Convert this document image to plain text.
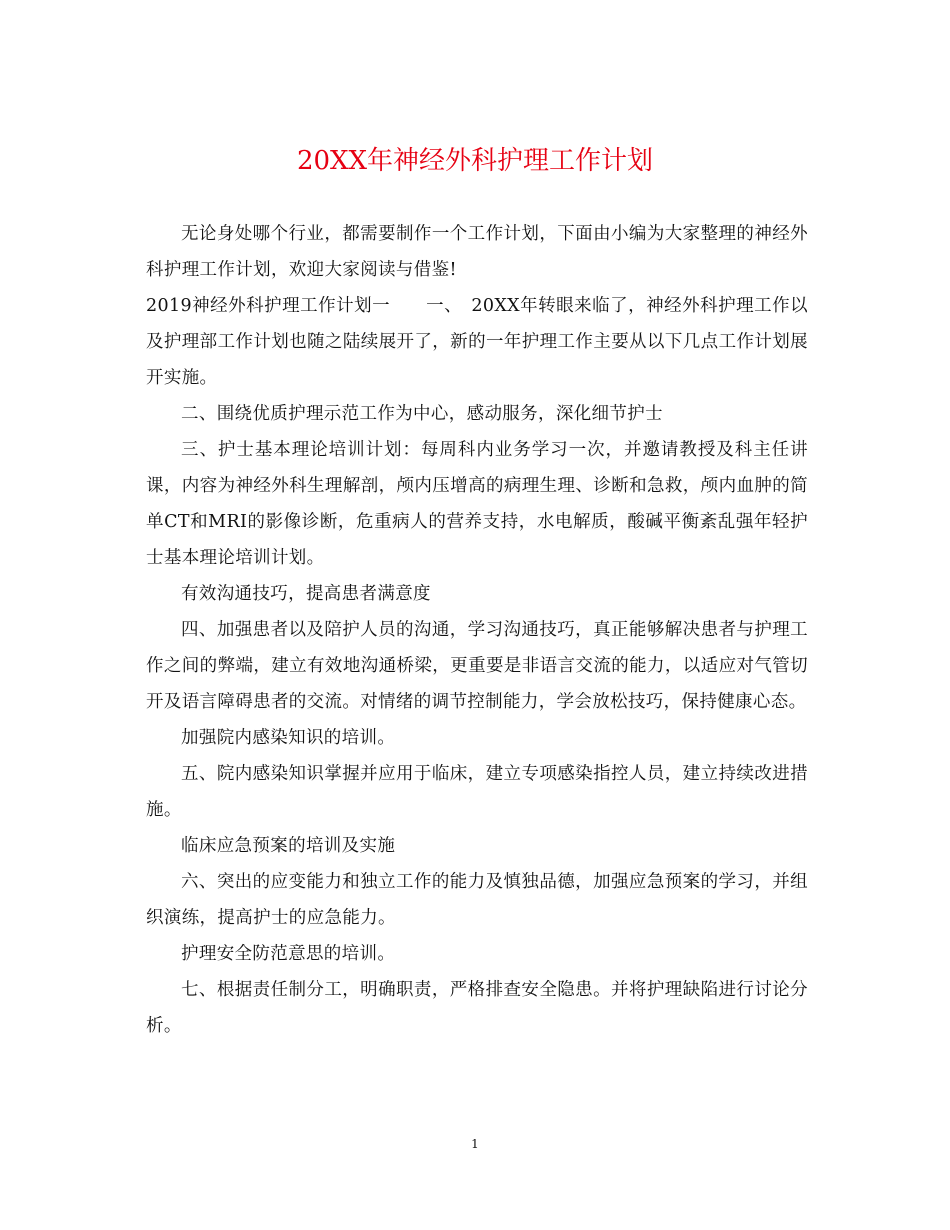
20XX年神经外科护理工作计划

无论身处哪个行业，都需要制作一个工作计划，下面由小编为大家整理的神经外科护理工作计划，欢迎大家阅读与借鉴!

2019神经外科护理工作计划一　　一、　20XX年转眼来临了，神经外科护理工作以及护理部工作计划也随之陆续展开了，新的一年护理工作主要从以下几点工作计划展开实施。

二、围绕优质护理示范工作为中心，感动服务，深化细节护士

三、护士基本理论培训计划：每周科内业务学习一次，并邀请教授及科主任讲课，内容为神经外科生理解剖，颅内压增高的病理生理、诊断和急救，颅内血肿的简单CT和MRI的影像诊断，危重病人的营养支持，水电解质，酸碱平衡紊乱强年轻护士基本理论培训计划。

有效沟通技巧，提高患者满意度

四、加强患者以及陪护人员的沟通，学习沟通技巧，真正能够解决患者与护理工作之间的弊端，建立有效地沟通桥梁，更重要是非语言交流的能力，以适应对气管切开及语言障碍患者的交流。对情绪的调节控制能力，学会放松技巧，保持健康心态。

加强院内感染知识的培训。

五、院内感染知识掌握并应用于临床，建立专项感染指控人员，建立持续改进措施。

临床应急预案的培训及实施

六、突出的应变能力和独立工作的能力及慎独品德，加强应急预案的学习，并组织演练，提高护士的应急能力。

护理安全防范意思的培训。

七、根据责任制分工，明确职责，严格排查安全隐患。并将护理缺陷进行讨论分析。

1
